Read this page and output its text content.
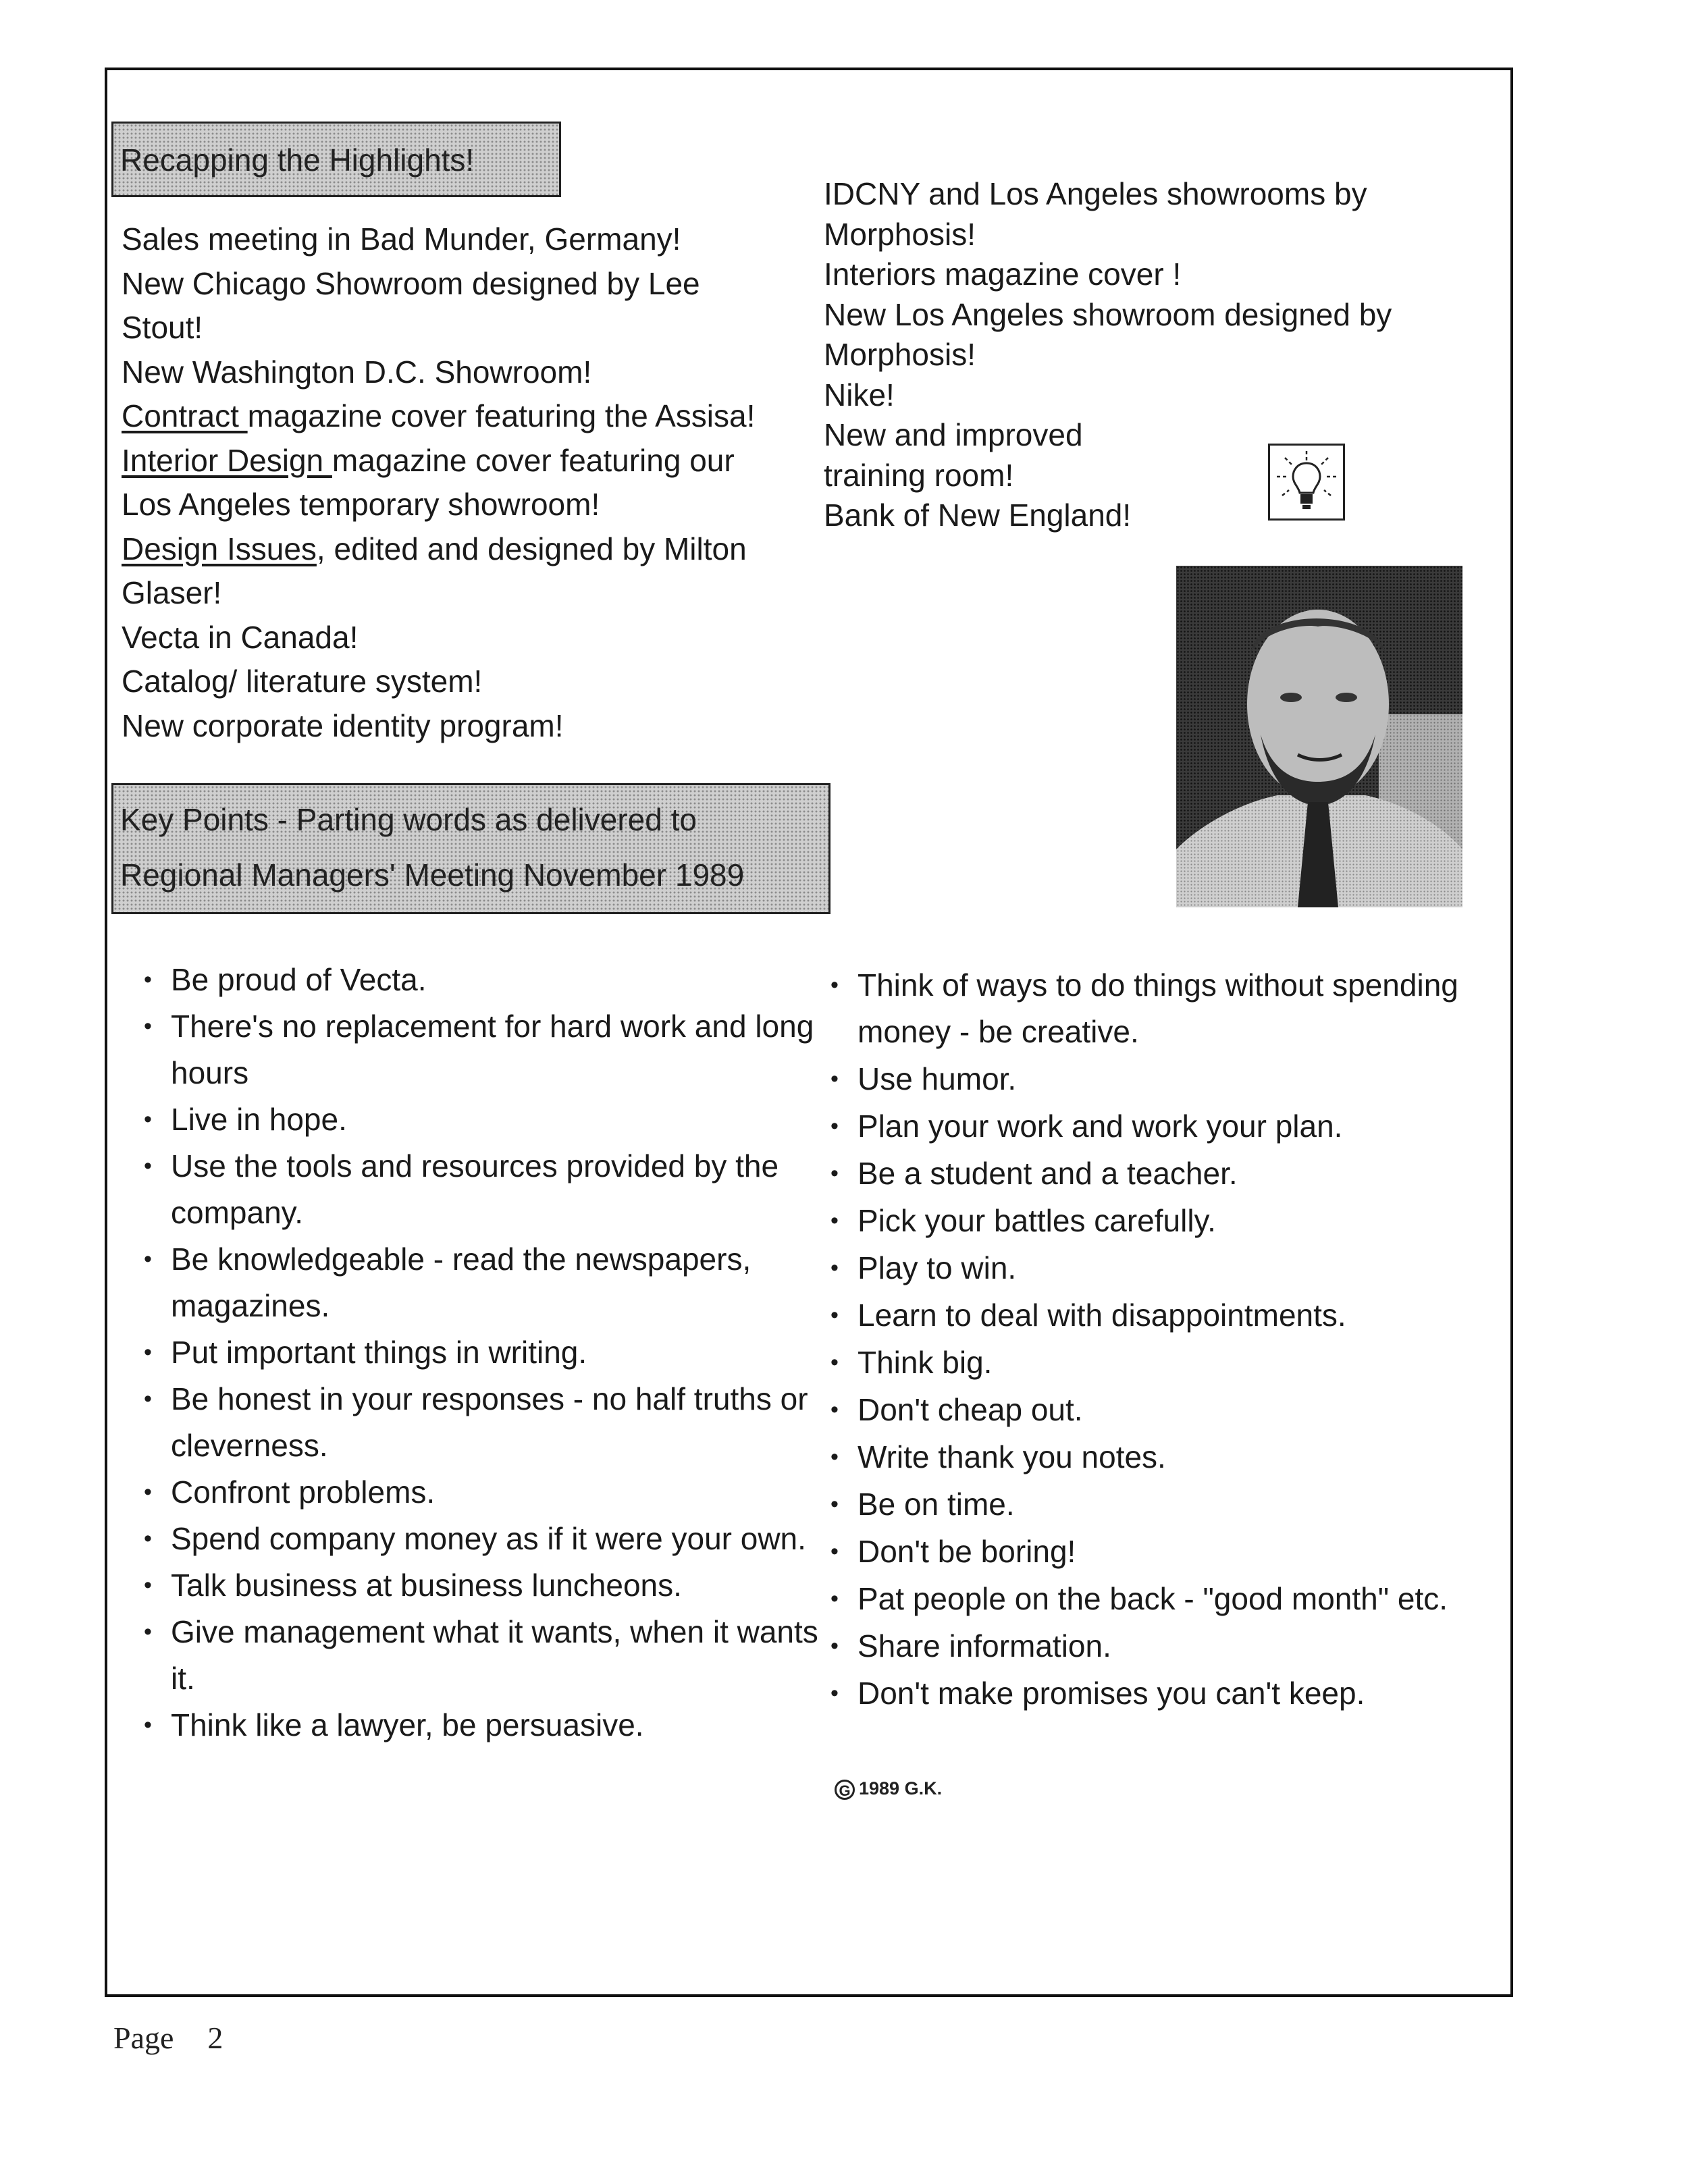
Recapping the Highlights!
Sales meeting in Bad Munder, Germany!
New Chicago Showroom designed by Lee
Stout!
New Washington D.C. Showroom!
Contract magazine cover featuring the Assisa!
Interior Design magazine cover featuring our
Los Angeles temporary showroom!
Design Issues, edited and designed by Milton
Glaser!
Vecta in Canada!
Catalog/ literature system!
New corporate identity program!
IDCNY and Los Angeles showrooms by
Morphosis!
Interiors magazine cover !
New Los Angeles showroom designed by
Morphosis!
Nike!
New and improved
training room!
Bank of New England!
Key Points - Parting words as delivered to
Regional Managers' Meeting November 1989
• Be proud of Vecta.
• There's no replacement for hard work and long hours
• Live in hope.
• Use the tools and resources provided by the company.
• Be knowledgeable - read the newspapers, magazines.
• Put important things in writing.
• Be honest in your responses - no half truths or cleverness.
• Confront problems.
• Spend company money as if it were your own.
• Talk business at business luncheons.
• Give management what it wants, when it wants it.
• Think like a lawyer, be persuasive.
• Think of ways to do things without spending money - be creative.
• Use humor.
• Plan your work and work your plan.
• Be a student and a teacher.
• Pick your battles carefully.
• Play to win.
• Learn to deal with disappointments.
• Think big.
• Don't cheap out.
• Write thank you notes.
• Be on time.
• Don't be boring!
• Pat people on the back - "good month" etc.
• Share information.
• Don't make promises you can't keep.
G 1989 G.K.
Page 2
